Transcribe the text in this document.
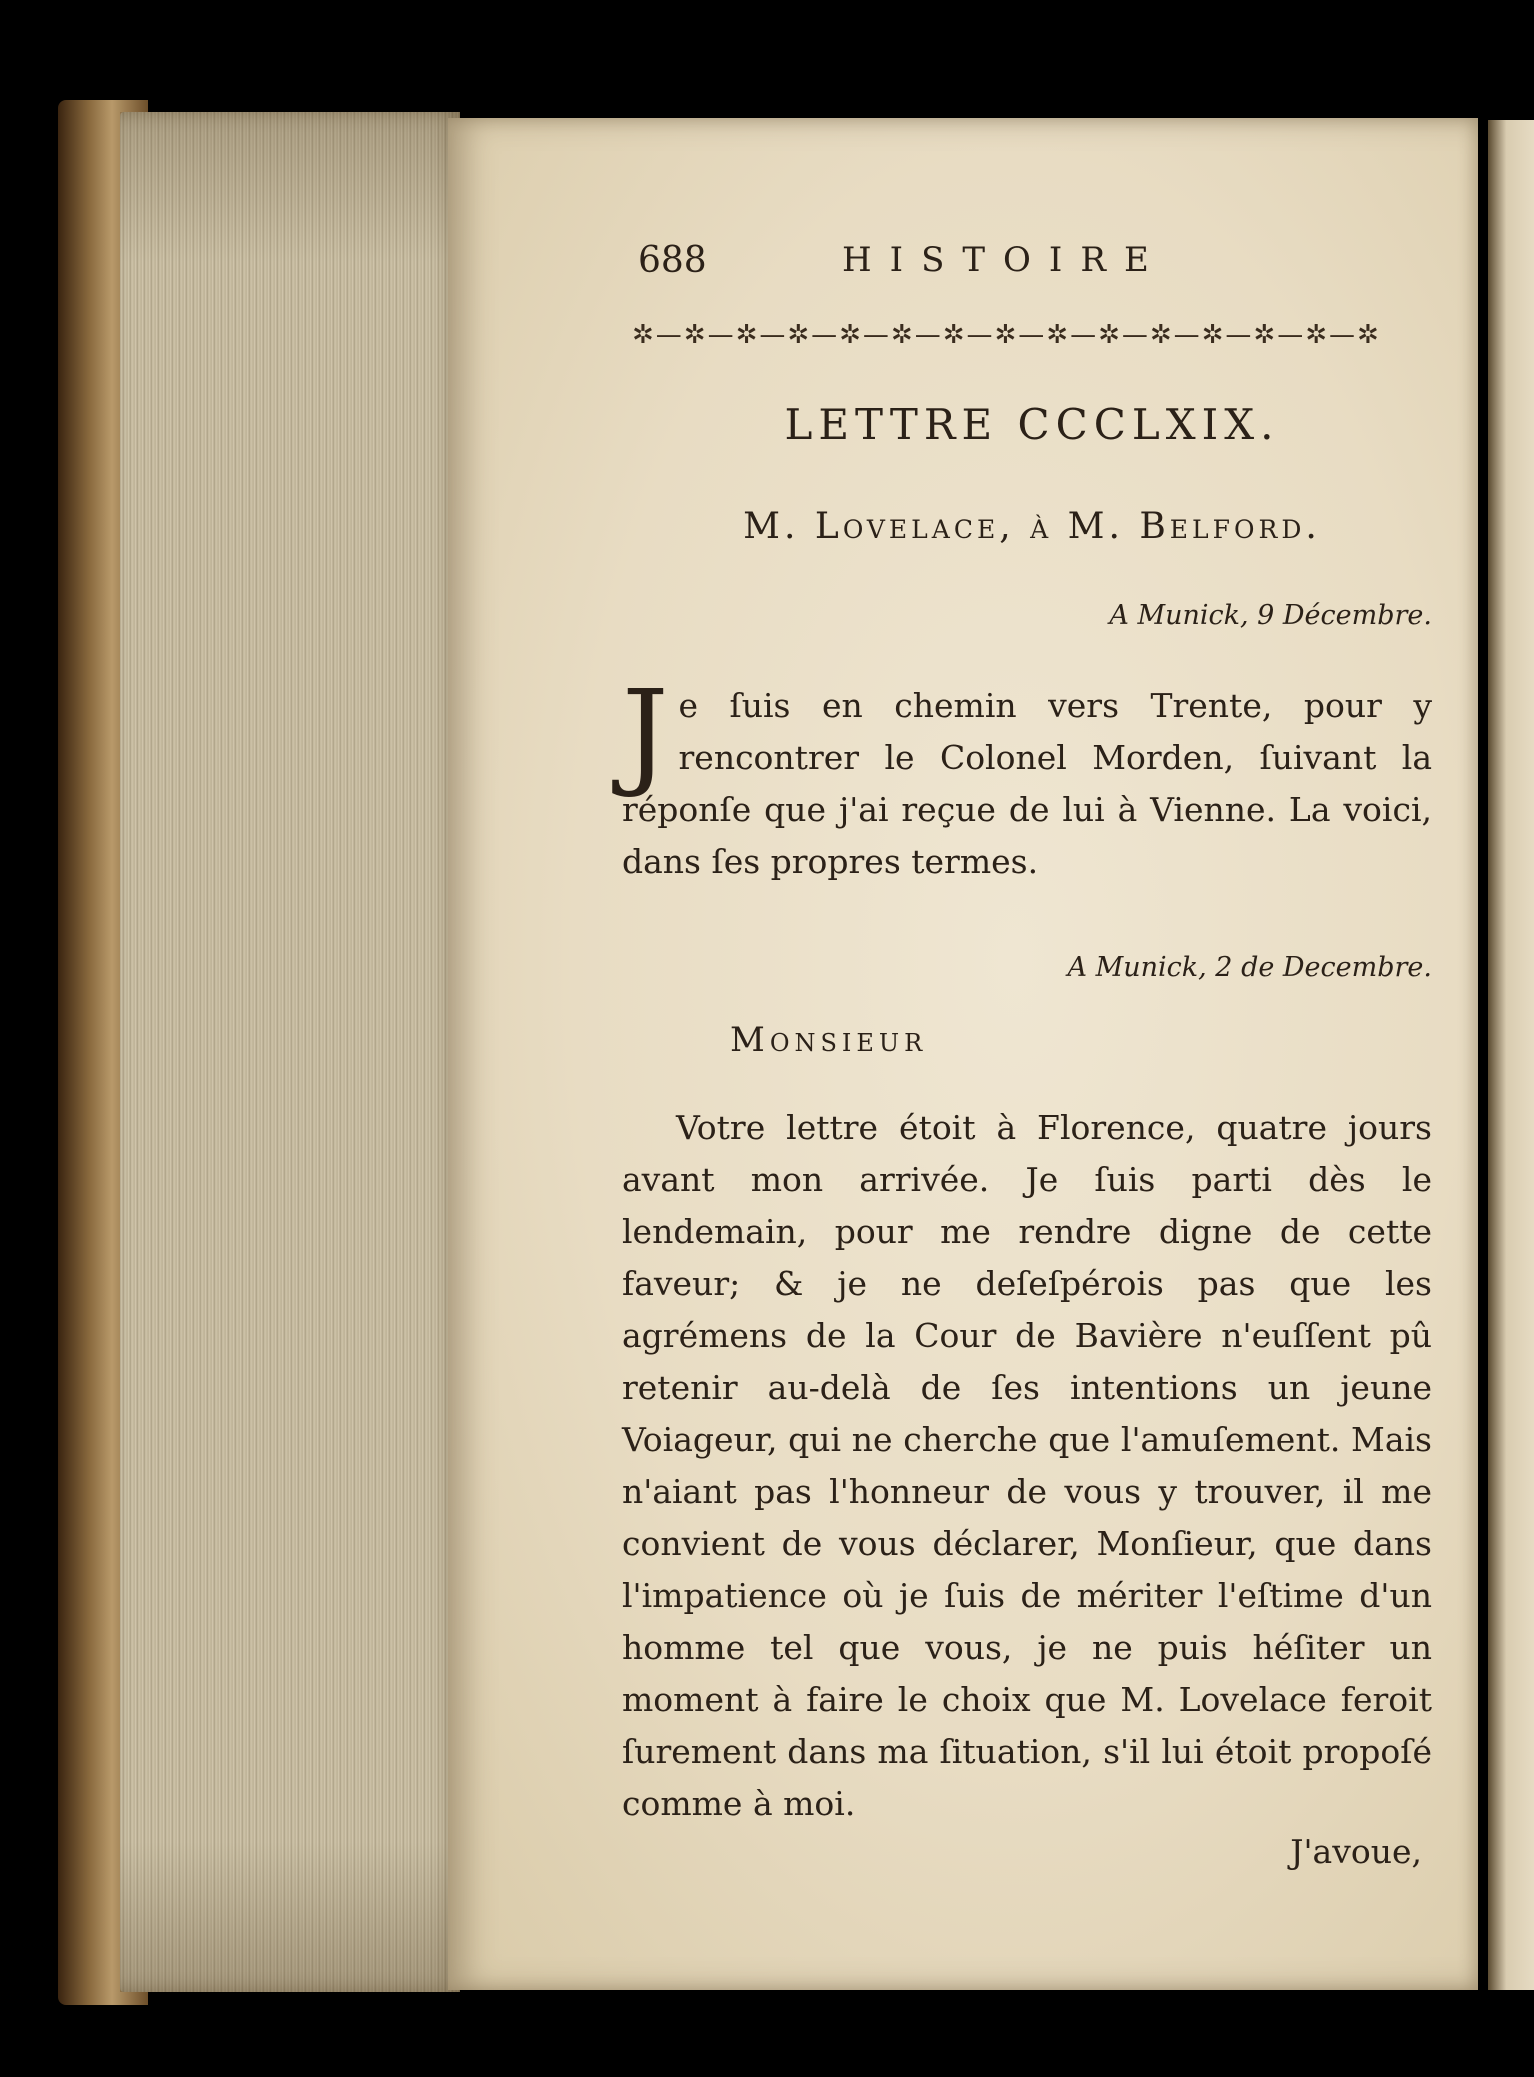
688	HISTOIRE
✲—✲—✲—✲—✲—✲—✲—✲—✲—✲—✲—✲—✲—✲—✲
LETTRE CCCLXIX.
M. Lovelace, à M. Belford.
A Munick, 9 Décembre.
J e ſuis en chemin vers Trente, pour y rencontrer le Colonel Morden, ſuivant la réponſe que j'ai reçue de lui à Vienne. La voici, dans ſes propres termes.
A Munick, 2 de Decembre.
Monsieur
Votre lettre étoit à Florence, quatre jours avant mon arrivée. Je ſuis parti dès le lendemain, pour me rendre digne de cette faveur; & je ne deſeſpérois pas que les agrémens de la Cour de Bavière n'euſſent pû retenir au-delà de ſes intentions un jeune Voiageur, qui ne cherche que l'amuſement. Mais n'aiant pas l'honneur de vous y trouver, il me convient de vous déclarer, Monſieur, que dans l'impatience où je ſuis de mériter l'eſtime d'un homme tel que vous, je ne puis héſiter un moment à faire le choix que M. Lovelace feroit ſurement dans ma ſituation, s'il lui étoit propoſé comme à moi.
J'avoue,
